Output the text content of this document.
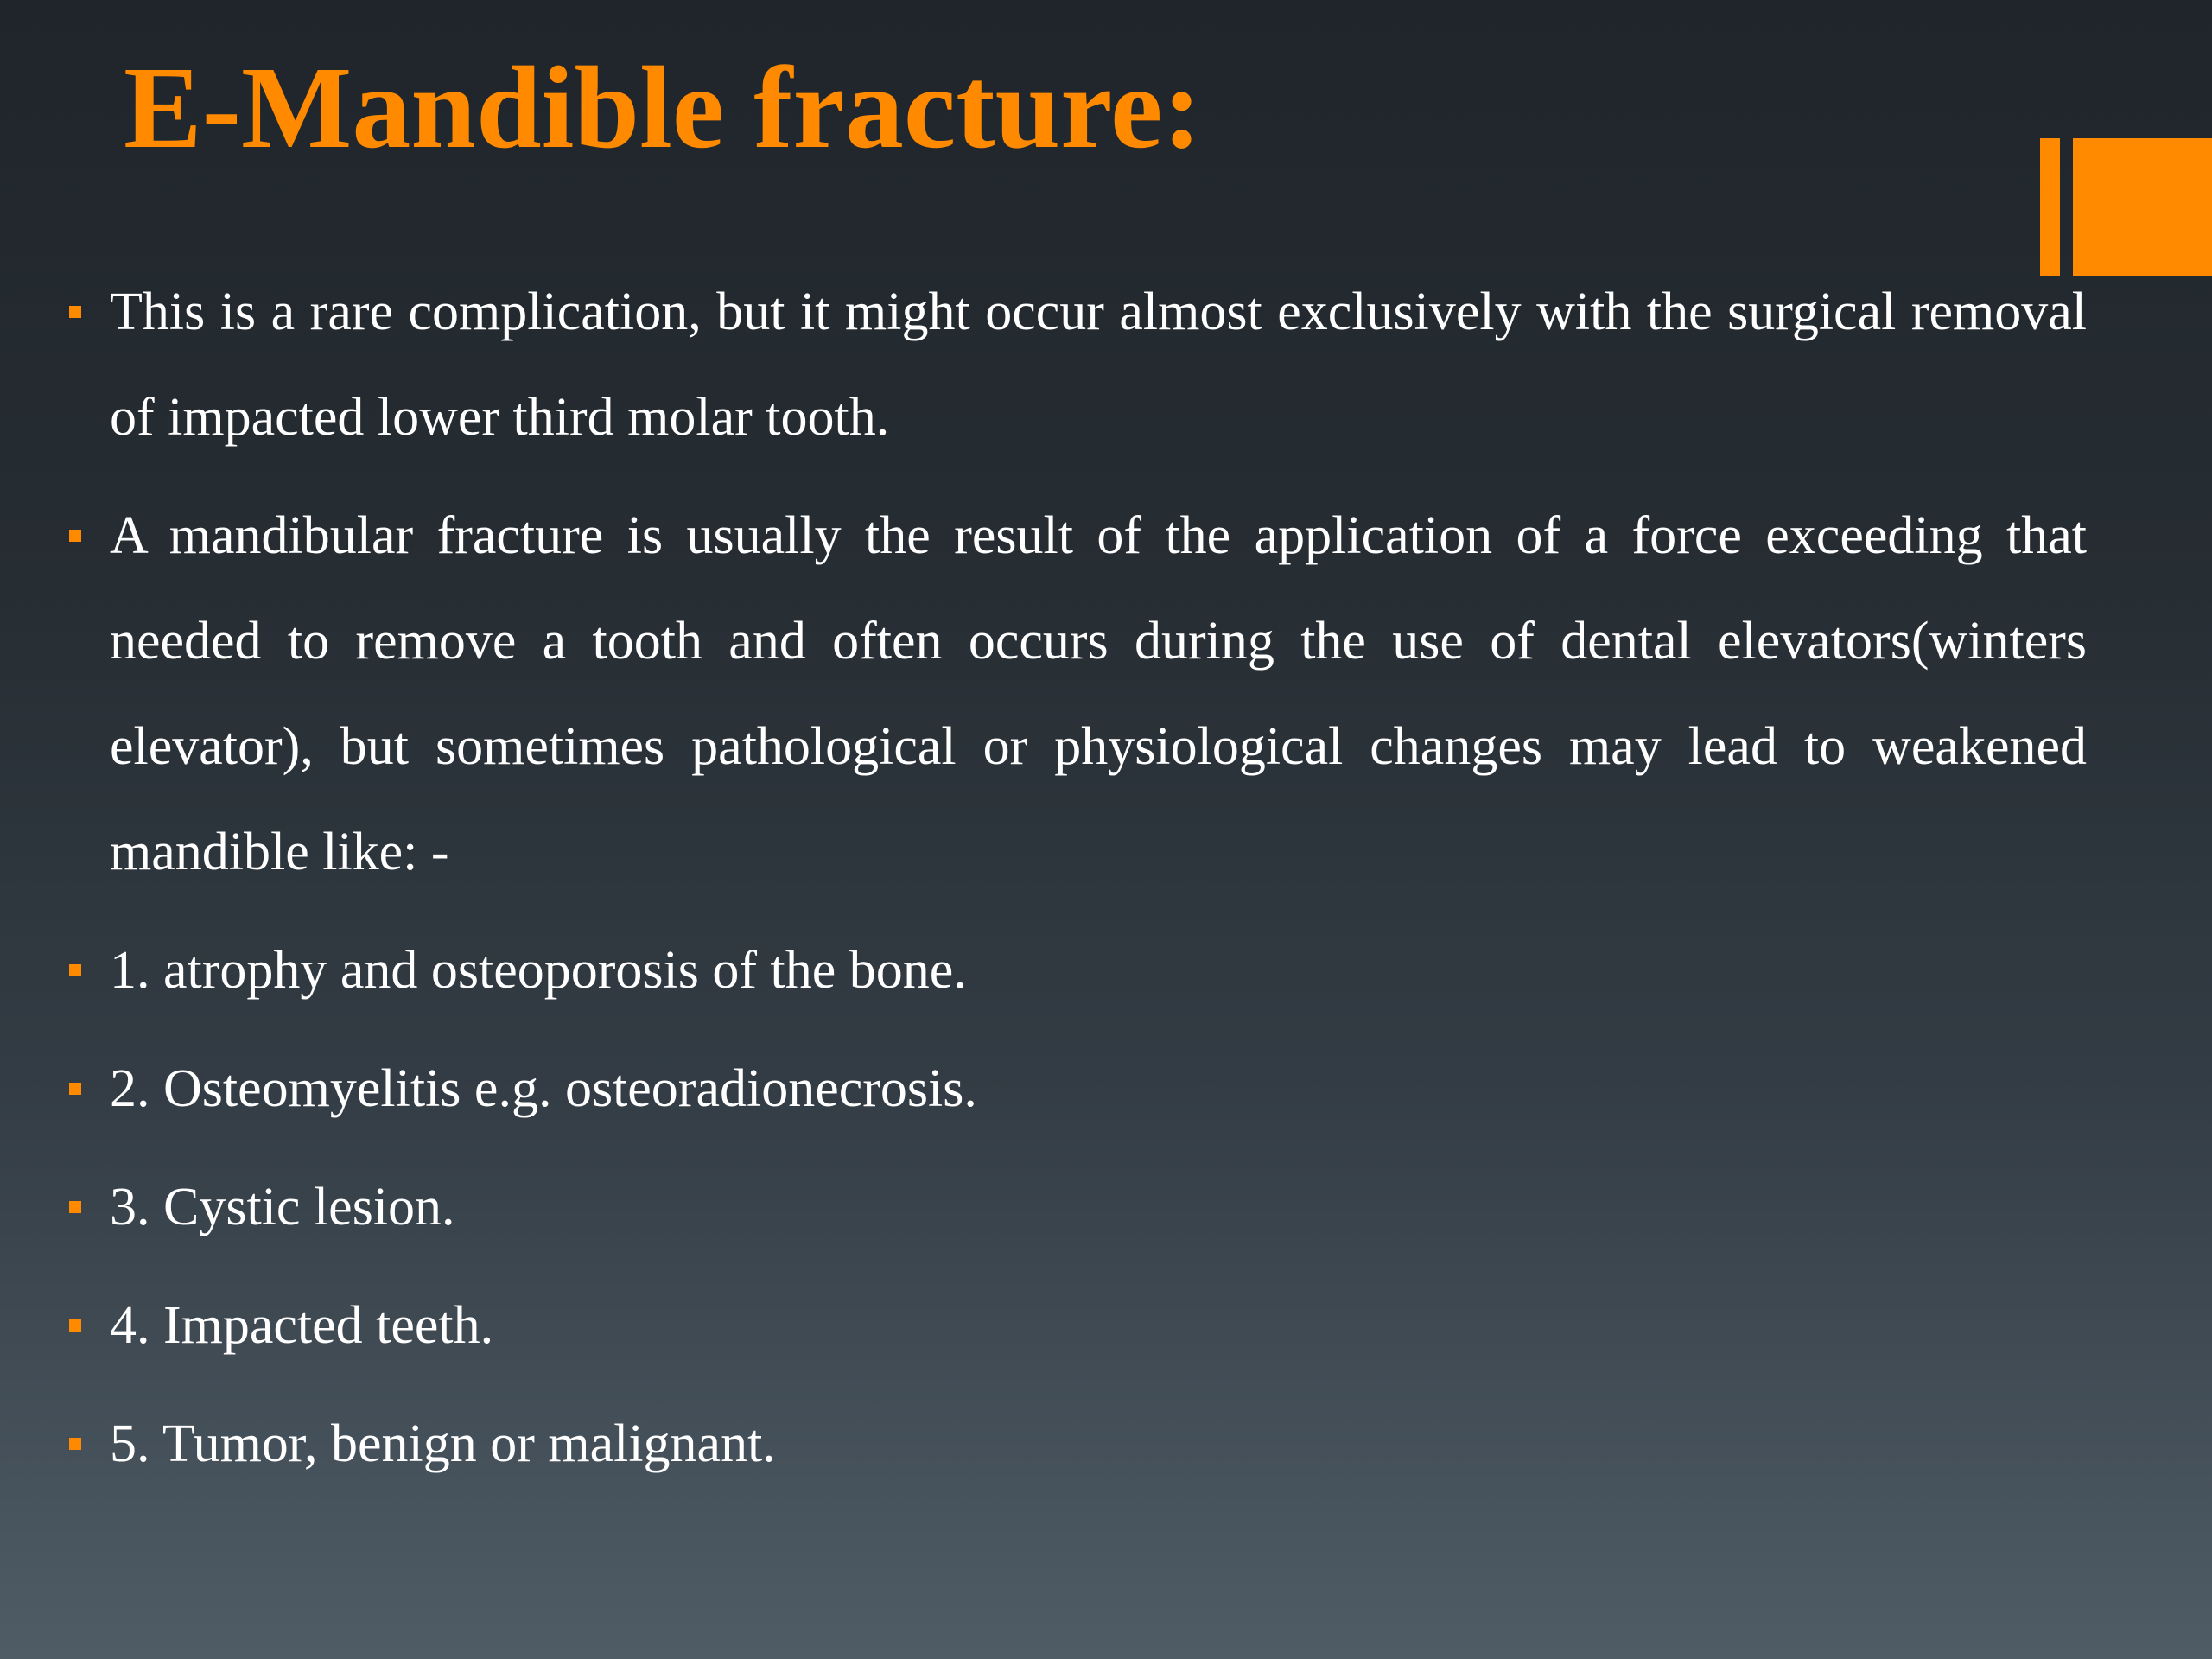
E-Mandible fracture:
This is a rare complication, but it might occur almost exclusively with the surgical removal of impacted lower third molar tooth.
A mandibular fracture is usually the result of the application of a force exceeding that needed to remove a tooth and often occurs during the use of dental elevators(winters elevator), but sometimes pathological or physiological changes may lead to weakened mandible like: -
1. atrophy and osteoporosis of the bone.
2. Osteomyelitis e.g. osteoradionecrosis.
3. Cystic lesion.
4. Impacted teeth.
5. Tumor, benign or malignant.
